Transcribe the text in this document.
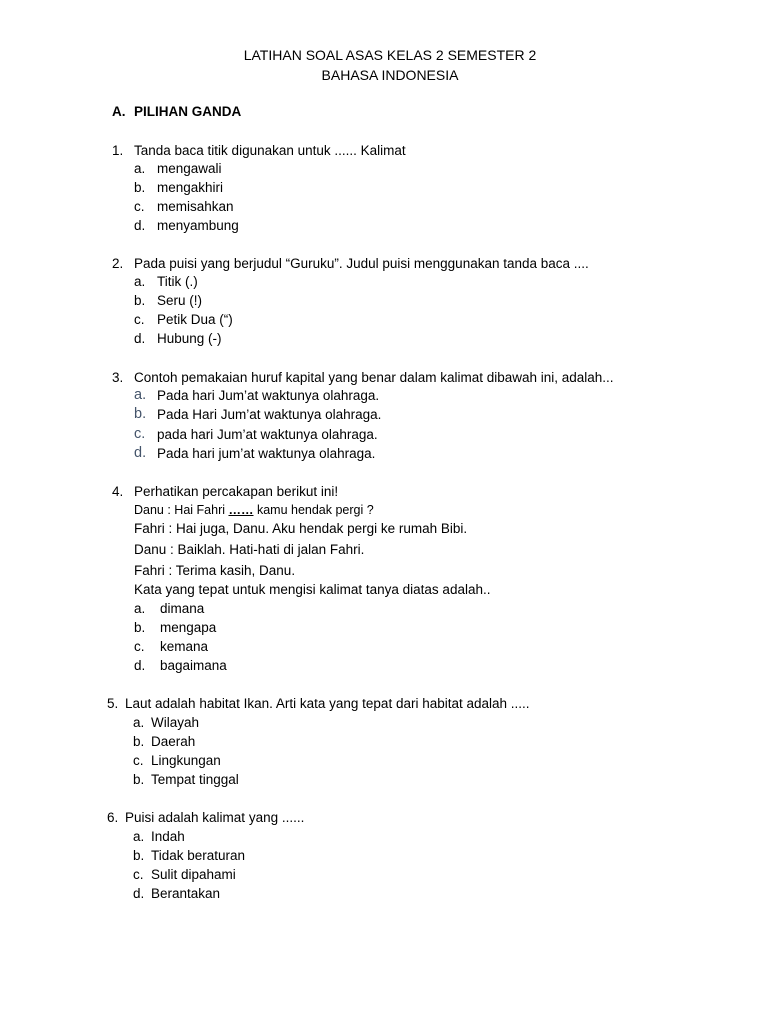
LATIHAN SOAL ASAS KELAS 2 SEMESTER 2
BAHASA INDONESIA
A. PILIHAN GANDA
1. Tanda baca titik digunakan untuk ...... Kalimat
a. mengawali
b. mengakhiri
c. memisahkan
d. menyambung
2. Pada puisi yang berjudul “Guruku”. Judul puisi menggunakan tanda baca ....
a. Titik (.)
b. Seru (!)
c. Petik Dua (“)
d. Hubung (-)
3. Contoh pemakaian huruf kapital yang benar dalam kalimat dibawah ini, adalah...
a. Pada hari Jum’at waktunya olahraga.
b. Pada Hari Jum’at waktunya olahraga.
c. pada hari Jum’at waktunya olahraga.
d. Pada hari jum’at waktunya olahraga.
4. Perhatikan percakapan berikut ini!
Danu : Hai Fahri …… kamu hendak pergi ?
Fahri : Hai juga, Danu. Aku hendak pergi ke rumah Bibi.
Danu : Baiklah. Hati-hati di jalan Fahri.
Fahri : Terima kasih, Danu.
Kata yang tepat untuk mengisi kalimat tanya diatas adalah..
a. dimana
b. mengapa
c. kemana
d. bagaimana
5. Laut adalah habitat Ikan. Arti kata yang tepat dari habitat adalah .....
a. Wilayah
b. Daerah
c. Lingkungan
b. Tempat tinggal
6. Puisi adalah kalimat yang ......
a. Indah
b. Tidak beraturan
c. Sulit dipahami
d. Berantakan
